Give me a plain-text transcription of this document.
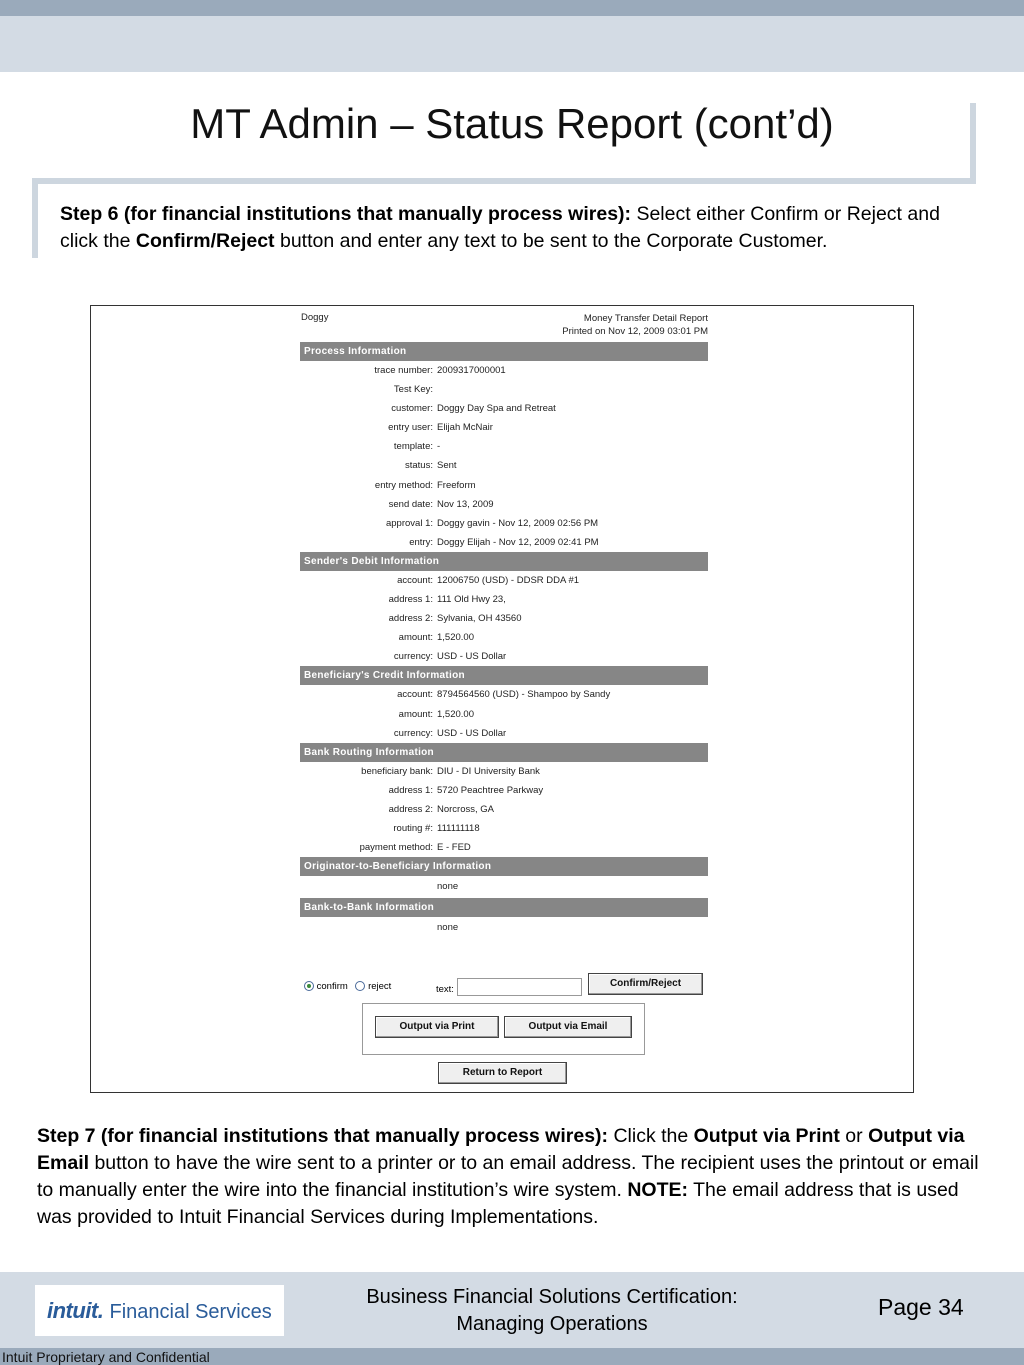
MT Admin – Status Report (cont’d)
Step 6 (for financial institutions that manually process wires): Select either Confirm or Reject and click the Confirm/Reject button and enter any text to be sent to the Corporate Customer.
Doggy	Money Transfer Detail Report
Printed on Nov 12, 2009 03:01 PM
Process Information
trace number: 2009317000001
Test Key:
customer: Doggy Day Spa and Retreat
entry user: Elijah McNair
template: -
status: Sent
entry method: Freeform
send date: Nov 13, 2009
approval 1: Doggy gavin - Nov 12, 2009 02:56 PM
entry: Doggy Elijah - Nov 12, 2009 02:41 PM
Sender's Debit Information
account: 12006750 (USD) - DDSR DDA #1
address 1: 111 Old Hwy 23,
address 2: Sylvania, OH 43560
amount: 1,520.00
currency: USD - US Dollar
Beneficiary's Credit Information
account: 8794564560 (USD) - Shampoo by Sandy
amount: 1,520.00
currency: USD - US Dollar
Bank Routing Information
beneficiary bank: DIU - DI University Bank
address 1: 5720 Peachtree Parkway
address 2: Norcross, GA
routing #: 111111118
payment method: E - FED
Originator-to-Beneficiary Information
none
Bank-to-Bank Information
none
confirm reject	text:
Confirm/Reject
Output via Print	Output via Email
Return to Report
Step 7 (for financial institutions that manually process wires): Click the Output via Print or Output via Email button to have the wire sent to a printer or to an email address. The recipient uses the printout or email to manually enter the wire into the financial institution’s wire system. NOTE: The email address that is used was provided to Intuit Financial Services during Implementations.
intuit. Financial Services
Business Financial Solutions Certification:
Managing Operations
Page 34
Intuit Proprietary and Confidential
